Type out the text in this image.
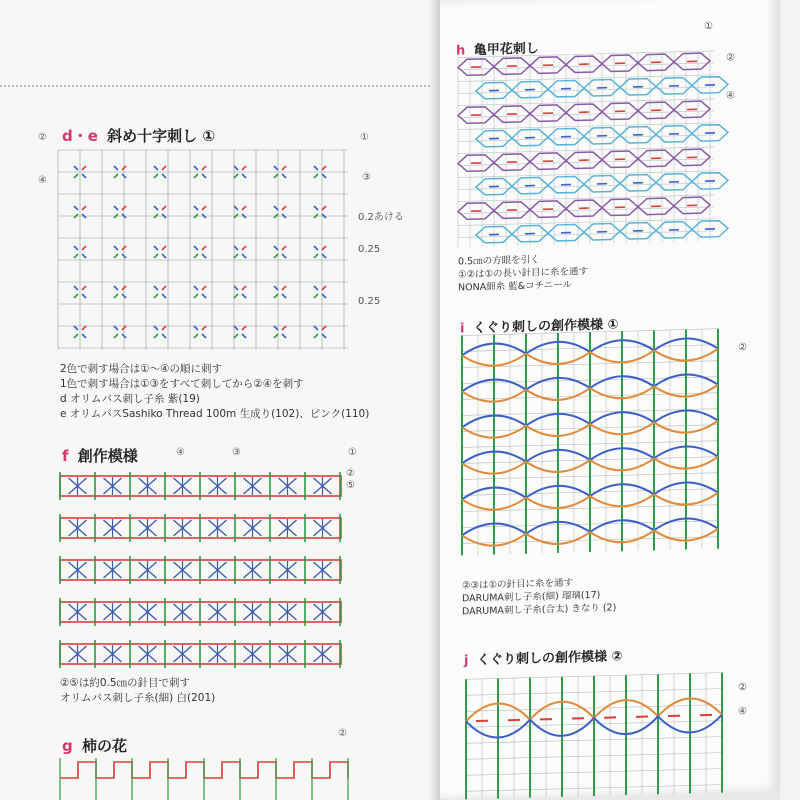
d・e 斜め十字刺し ①
②	①
④	③
0.2あける
0.25
0.25
2色で刺す場合は①〜④の順に刺す
1色で刺す場合は①③をすべて刺してから②④を刺す
d オリムパス刺し子糸 紫(19)
e オリムパスSashiko Thread 100m 生成り(102)、ピンク(110)
f 創作模様	④	③	①
②
⑤
②⑤は約0.5㎝の針目で刺す
オリムパス刺し子糸(細) 白(201)
g 柿の花
②
h 亀甲花刺し
①
②
④
0.5㎝の方眼を引く
①②は①の長い針目に糸を通す
NONA細糸 藍&コチニール
i くぐり刺しの創作模様 ①
②
②③は①の針目に糸を通す
DARUMA刺し子糸(細) 瑠璃(17)
DARUMA刺し子糸(合太) きなり (2)
j くぐり刺しの創作模様 ②
②
④
